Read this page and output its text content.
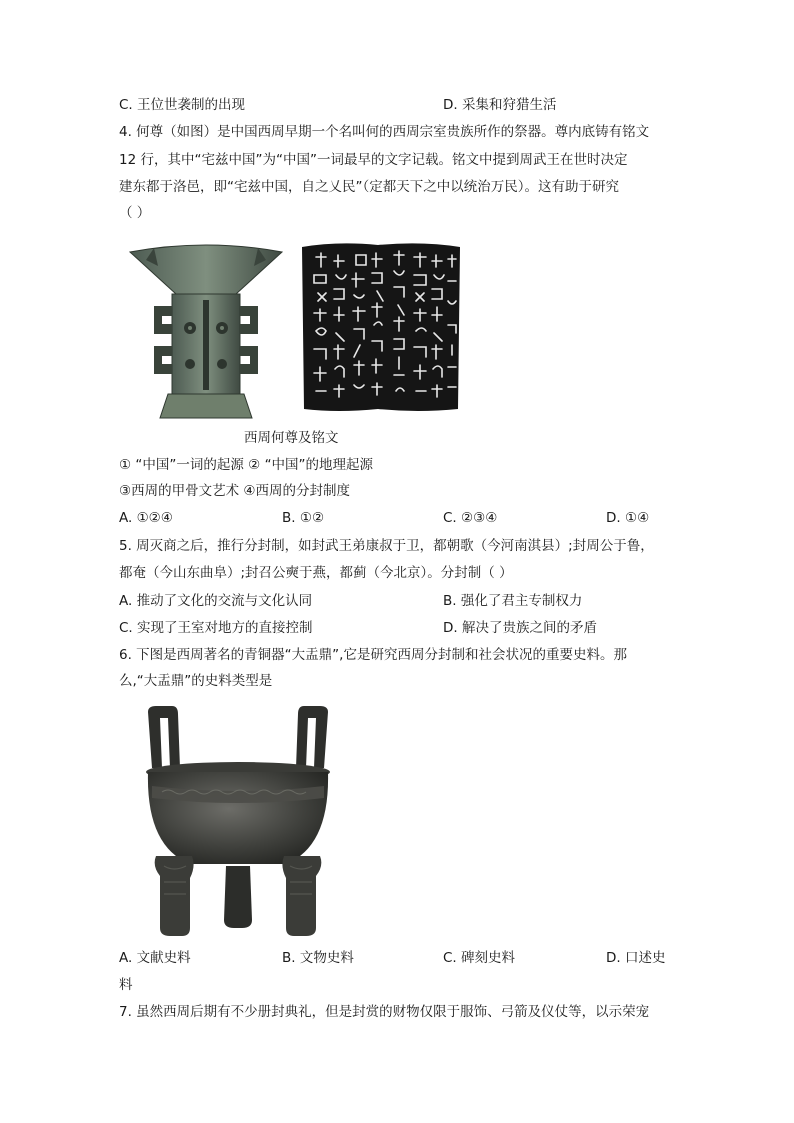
C. 王位世袭制的出现	D. 采集和狩猎生活
4. 何尊（如图）是中国西周早期一个名叫何的西周宗室贵族所作的祭器。尊内底铸有铭文
12 行，其中“宅兹中国”为“中国”一词最早的文字记载。铭文中提到周武王在世时决定
建东都于洛邑，即“宅兹中国，自之乂民”（定都天下之中以统治万民）。这有助于研究
（ ）
西周何尊及铭文
① “中国”一词的起源 ② “中国”的地理起源
③西周的甲骨文艺术 ④西周的分封制度
A. ①②④	B. ①②	C. ②③④	D. ①④
5. 周灭商之后，推行分封制，如封武王弟康叔于卫，都朝歌（今河南淇县）;封周公于鲁，
都奄（今山东曲阜）;封召公奭于燕，都蓟（今北京）。分封制（ ）
A. 推动了文化的交流与文化认同	B. 强化了君主专制权力
C. 实现了王室对地方的直接控制	D. 解决了贵族之间的矛盾
6. 下图是西周著名的青铜器“大盂鼎”,它是研究西周分封制和社会状况的重要史料。那
么,“大盂鼎”的史料类型是
A. 文献史料	B. 文物史料	C. 碑刻史料	D. 口述史
料
7. 虽然西周后期有不少册封典礼，但是封赏的财物仅限于服饰、弓箭及仪仗等，以示荣宠
